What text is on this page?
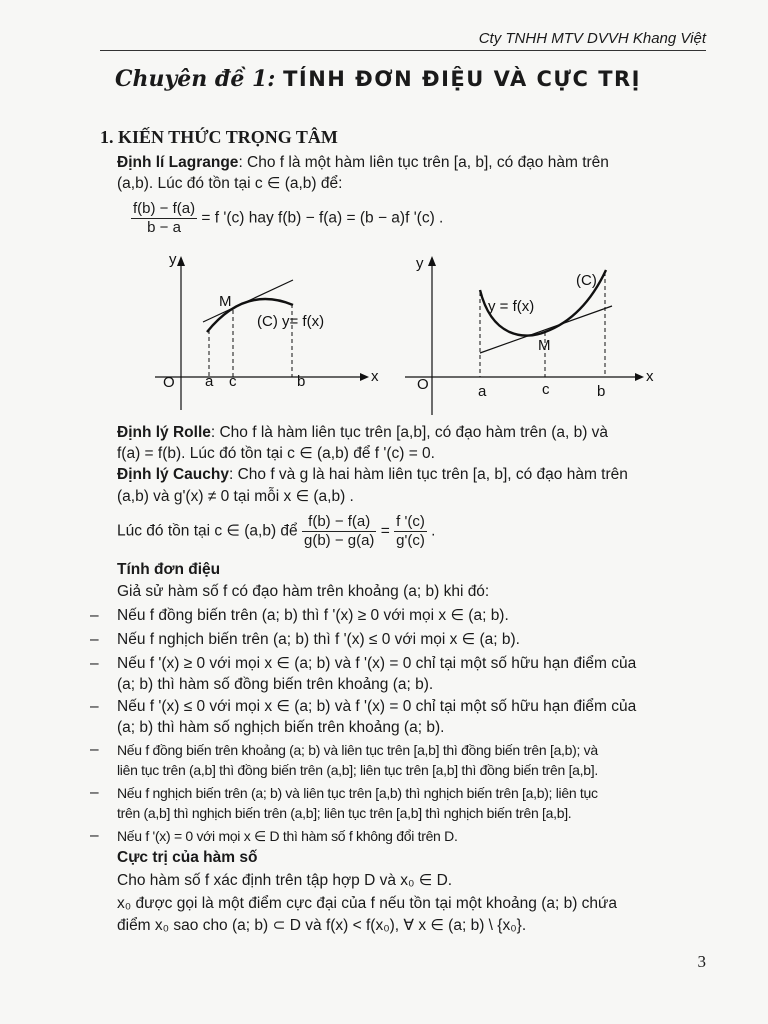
Cty TNHH MTV DVVH Khang Việt
Chuyên đề 1: TÍNH ĐƠN ĐIỆU VÀ CỰC TRỊ
1. KIẾN THỨC TRỌNG TÂM
Định lí Lagrange: Cho f là một hàm liên tục trên [a, b], có đạo hàm trên
(a,b). Lúc đó tồn tại c ∈ (a,b) để:
$\frac{f(b) - f(a)}{b - a} = f$ '(c) hay f(b) − f(a) = (b − a)f '(c) .
y
x
O a c	b
M
(C) y= f(x)
y
x
O	a	c	b
M
y = f(x)
(C)
Định lý Rolle: Cho f là hàm liên tục trên [a,b], có đạo hàm trên (a, b) và
f(a) = f(b). Lúc đó tồn tại c ∈ (a,b) để f '(c) = 0.
Định lý Cauchy: Cho f và g là hai hàm liên tục trên [a, b], có đạo hàm trên
(a,b) và g'(x) ≠ 0 tại mỗi x ∈ (a,b) .
Lúc đó tồn tại c ∈ (a,b) để $\frac{f(b) - f(a)}{g(b) - g(a)} = \frac{f '(c)}{g'(c)}$ .
Tính đơn điệu
Giả sử hàm số f có đạo hàm trên khoảng (a; b) khi đó:
– Nếu f đồng biến trên (a; b) thì f '(x) ≥ 0 với mọi x ∈ (a; b).
– Nếu f nghịch biến trên (a; b) thì f '(x) ≤ 0 với mọi x ∈ (a; b).
– Nếu f '(x) ≥ 0 với mọi x ∈ (a; b) và f '(x) = 0 chỉ tại một số hữu hạn điểm của
(a; b) thì hàm số đồng biến trên khoảng (a; b).
– Nếu f '(x) ≤ 0 với mọi x ∈ (a; b) và f '(x) = 0 chỉ tại một số hữu hạn điểm của
(a; b) thì hàm số nghịch biến trên khoảng (a; b).
– Nếu f đồng biến trên khoảng (a; b) và liên tục trên [a,b] thì đồng biến trên [a,b); và
liên tục trên (a,b] thì đồng biến trên (a,b]; liên tục trên [a,b] thì đồng biến trên [a,b].
– Nếu f nghịch biến trên (a; b) và liên tục trên [a,b) thì nghịch biến trên [a,b); liên tục
trên (a,b] thì nghịch biến trên (a,b]; liên tục trên [a,b] thì nghịch biến trên [a,b].
– Nếu f '(x) = 0 với mọi x ∈ D thì hàm số f không đổi trên D.
Cực trị của hàm số
Cho hàm số f xác định trên tập hợp D và x₀ ∈ D.
x₀ được gọi là một điểm cực đại của f nếu tồn tại một khoảng (a; b) chứa
điểm x₀ sao cho (a; b) ⊂ D và f(x) < f(x₀), ∀ x ∈ (a; b) \ {x₀}.
3
